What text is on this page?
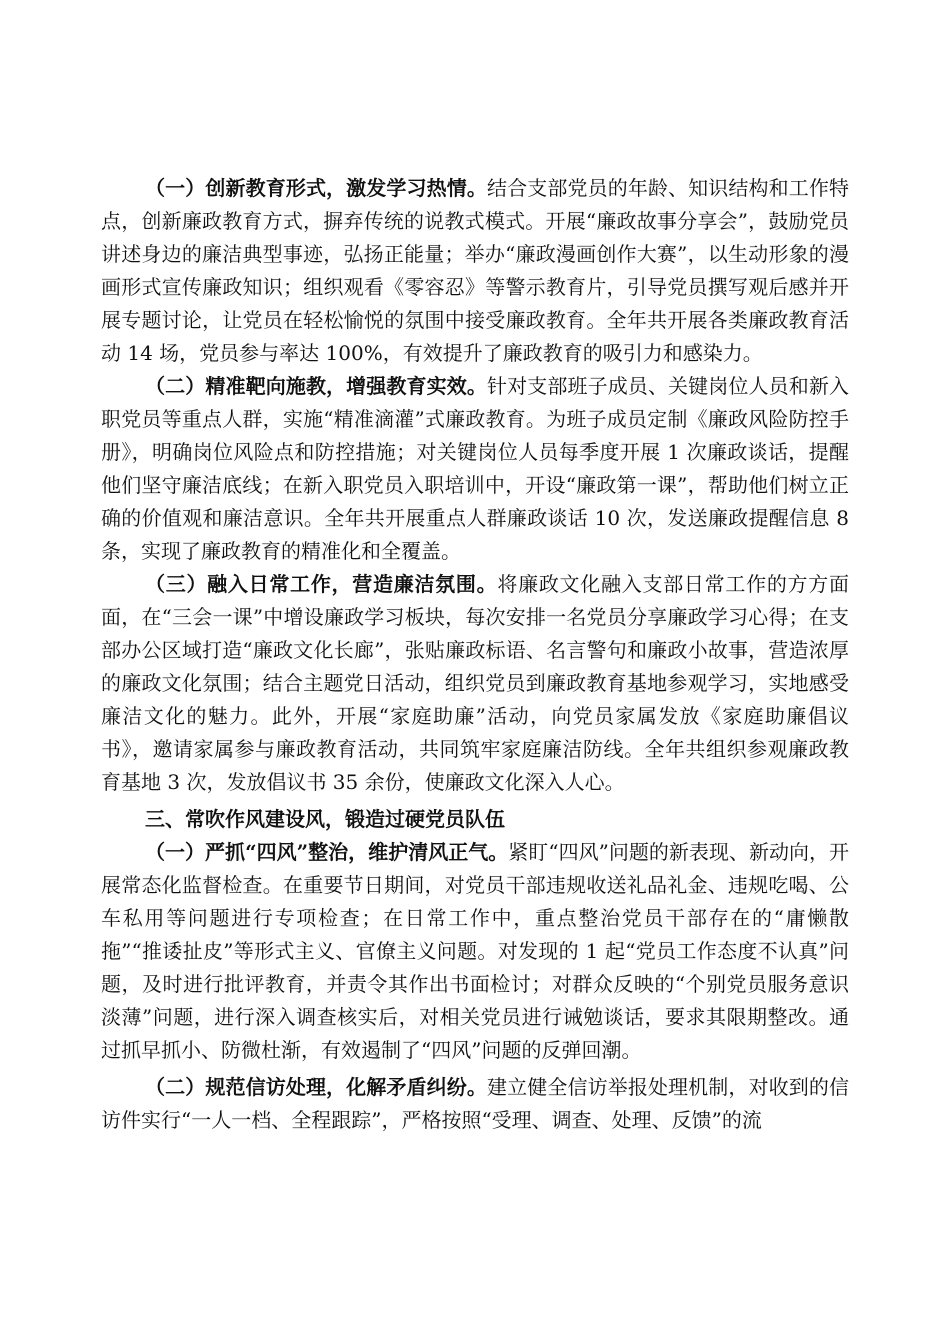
（一）创新教育形式，激发学习热情。结合支部党员的年龄、知识结构和工作特点，创新廉政教育方式，摒弃传统的说教式模式。开展“廉政故事分享会”，鼓励党员讲述身边的廉洁典型事迹，弘扬正能量；举办“廉政漫画创作大赛”，以生动形象的漫画形式宣传廉政知识；组织观看《零容忍》等警示教育片，引导党员撰写观后感并开展专题讨论，让党员在轻松愉悦的氛围中接受廉政教育。全年共开展各类廉政教育活动 14 场，党员参与率达 100%，有效提升了廉政教育的吸引力和感染力。

（二）精准靶向施教，增强教育实效。针对支部班子成员、关键岗位人员和新入职党员等重点人群，实施“精准滴灌”式廉政教育。为班子成员定制《廉政风险防控手册》，明确岗位风险点和防控措施；对关键岗位人员每季度开展 1 次廉政谈话，提醒他们坚守廉洁底线；在新入职党员入职培训中，开设“廉政第一课”，帮助他们树立正确的价值观和廉洁意识。全年共开展重点人群廉政谈话 10 次，发送廉政提醒信息 8 条，实现了廉政教育的精准化和全覆盖。

（三）融入日常工作，营造廉洁氛围。将廉政文化融入支部日常工作的方方面面，在“三会一课”中增设廉政学习板块，每次安排一名党员分享廉政学习心得；在支部办公区域打造“廉政文化长廊”，张贴廉政标语、名言警句和廉政小故事，营造浓厚的廉政文化氛围；结合主题党日活动，组织党员到廉政教育基地参观学习，实地感受廉洁文化的魅力。此外，开展“家庭助廉”活动，向党员家属发放《家庭助廉倡议书》，邀请家属参与廉政教育活动，共同筑牢家庭廉洁防线。全年共组织参观廉政教育基地 3 次，发放倡议书 35 余份，使廉政文化深入人心。

三、常吹作风建设风，锻造过硬党员队伍

（一）严抓“四风”整治，维护清风正气。紧盯“四风”问题的新表现、新动向，开展常态化监督检查。在重要节日期间，对党员干部违规收送礼品礼金、违规吃喝、公车私用等问题进行专项检查；在日常工作中，重点整治党员干部存在的“庸懒散拖”“推诿扯皮”等形式主义、官僚主义问题。对发现的 1 起“党员工作态度不认真”问题，及时进行批评教育，并责令其作出书面检讨；对群众反映的“个别党员服务意识淡薄”问题，进行深入调查核实后，对相关党员进行诫勉谈话，要求其限期整改。通过抓早抓小、防微杜渐，有效遏制了“四风”问题的反弹回潮。

（二）规范信访处理，化解矛盾纠纷。建立健全信访举报处理机制，对收到的信访件实行“一人一档、全程跟踪”，严格按照“受理、调查、处理、反馈”的流
